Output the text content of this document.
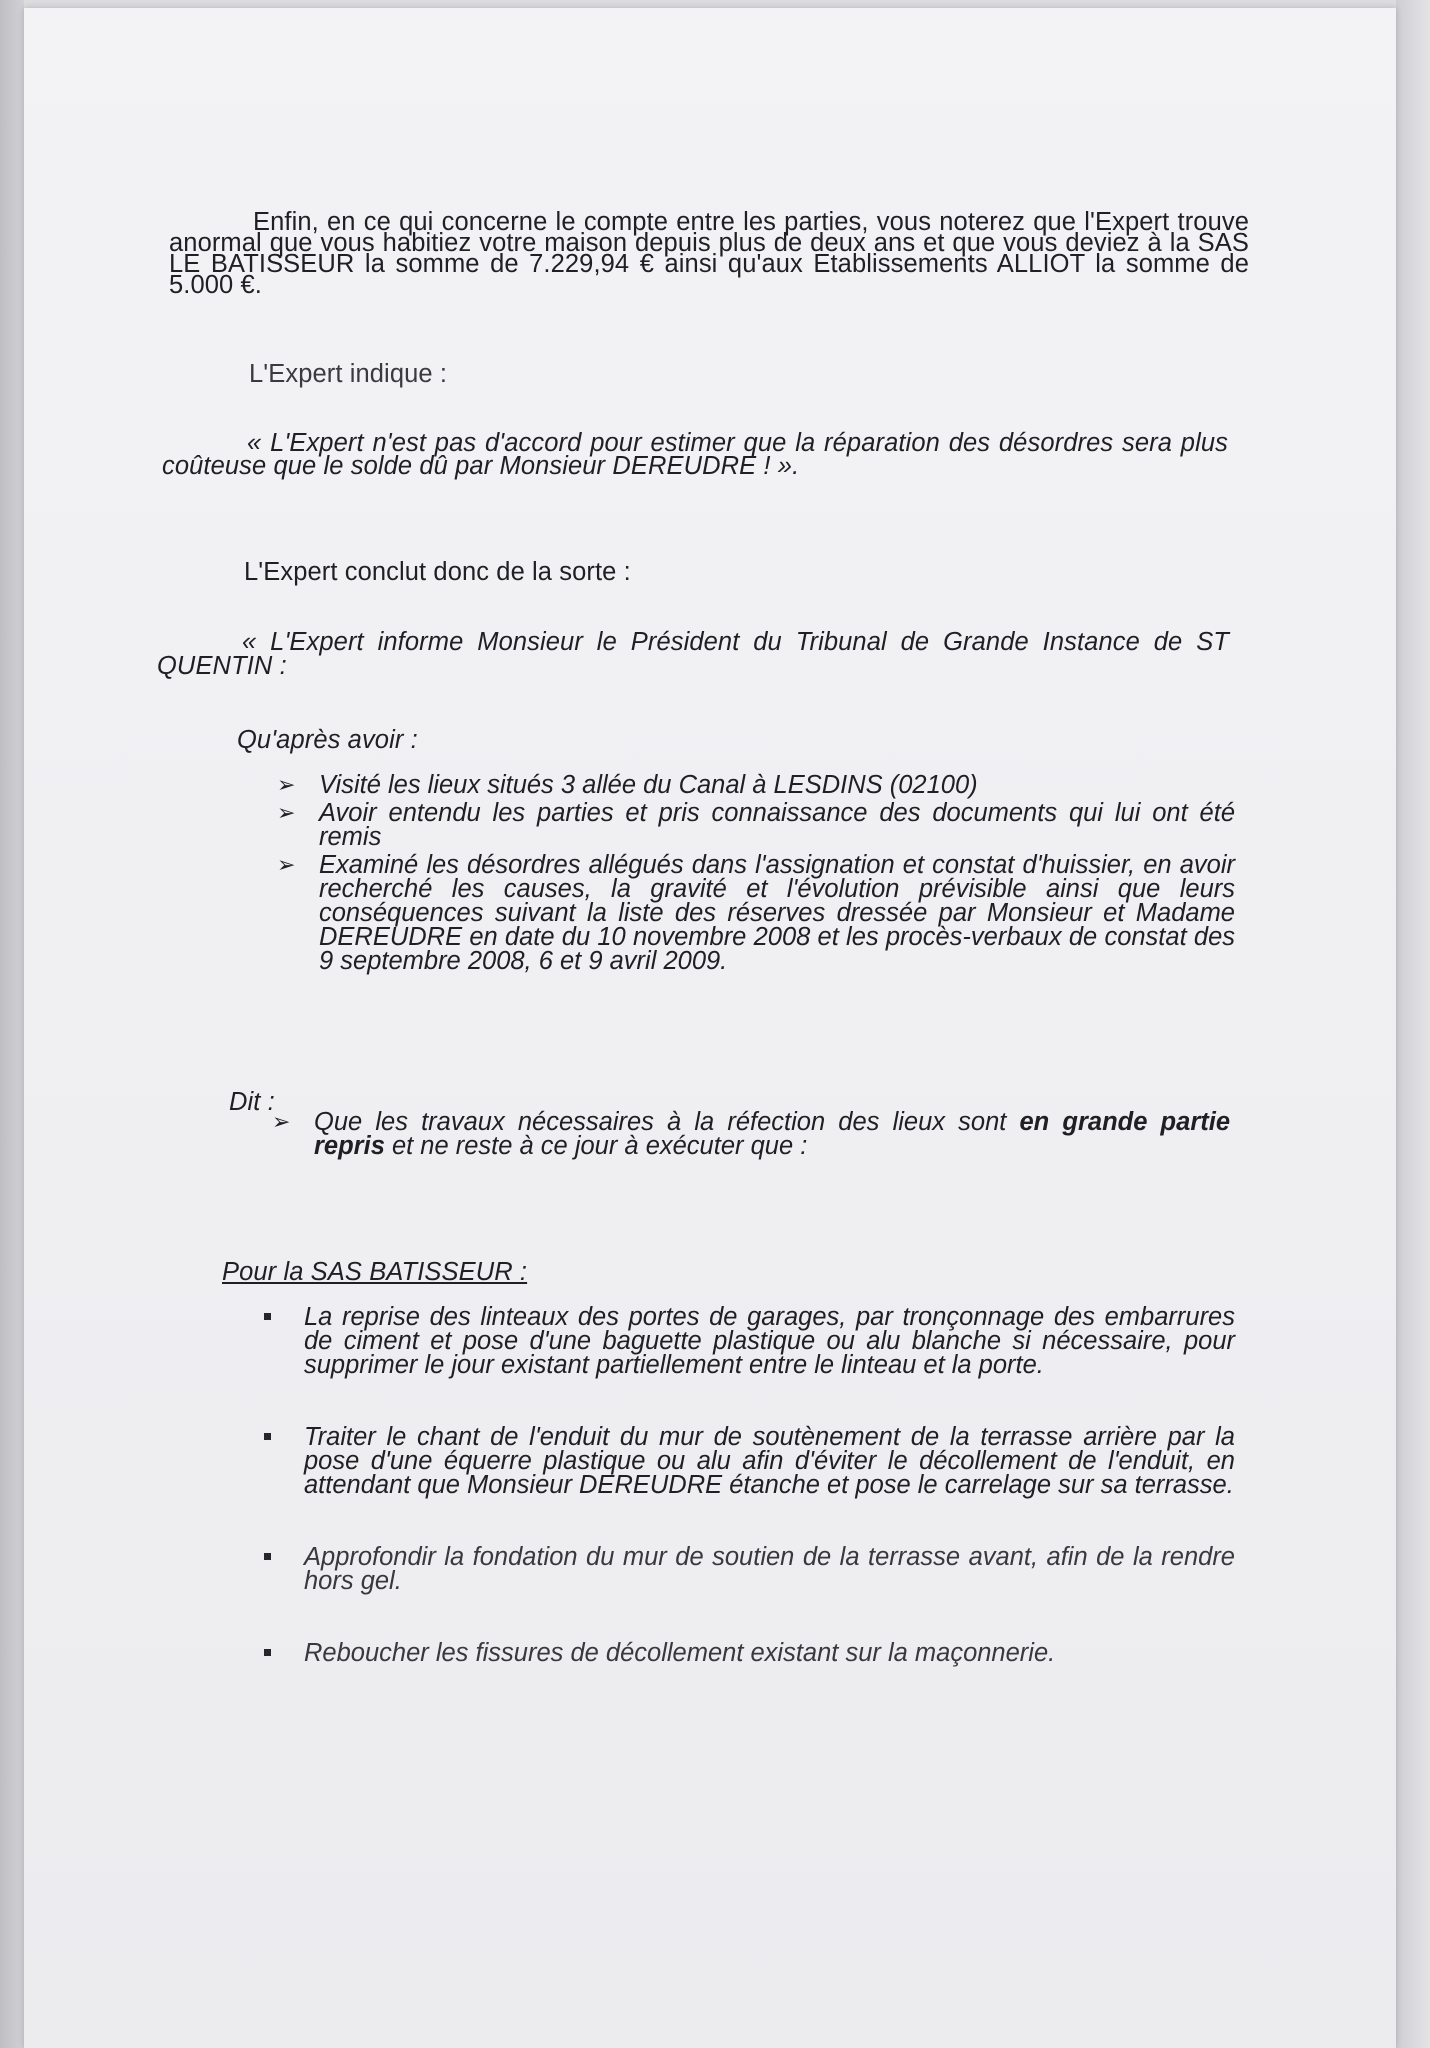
Enfin, en ce qui concerne le compte entre les parties, vous noterez que l'Expert trouve anormal que vous habitiez votre maison depuis plus de deux ans et que vous deviez à la SAS LE BATISSEUR la somme de 7.229,94 € ainsi qu'aux Etablissements ALLIOT la somme de 5.000 €.

L'Expert indique :

« L'Expert n'est pas d'accord pour estimer que la réparation des désordres sera plus coûteuse que le solde dû par Monsieur DEREUDRE ! ».

L'Expert conclut donc de la sorte :

« L'Expert informe Monsieur le Président du Tribunal de Grande Instance de ST QUENTIN :

Qu'après avoir :

➢ Visité les lieux situés 3 allée du Canal à LESDINS (02100)
➢ Avoir entendu les parties et pris connaissance des documents qui lui ont été remis
➢ Examiné les désordres allégués dans l'assignation et constat d'huissier, en avoir recherché les causes, la gravité et l'évolution prévisible ainsi que leurs conséquences suivant la liste des réserves dressée par Monsieur et Madame DEREUDRE en date du 10 novembre 2008 et les procès-verbaux de constat des 9 septembre 2008, 6 et 9 avril 2009.

Dit :

➢ Que les travaux nécessaires à la réfection des lieux sont en grande partie repris et ne reste à ce jour à exécuter que :

Pour la SAS BATISSEUR :

La reprise des linteaux des portes de garages, par tronçonnage des embarrures de ciment et pose d'une baguette plastique ou alu blanche si nécessaire, pour supprimer le jour existant partiellement entre le linteau et la porte.
Traiter le chant de l'enduit du mur de soutènement de la terrasse arrière par la pose d'une équerre plastique ou alu afin d'éviter le décollement de l'enduit, en attendant que Monsieur DEREUDRE étanche et pose le carrelage sur sa terrasse.
Approfondir la fondation du mur de soutien de la terrasse avant, afin de la rendre hors gel.
Reboucher les fissures de décollement existant sur la maçonnerie.
